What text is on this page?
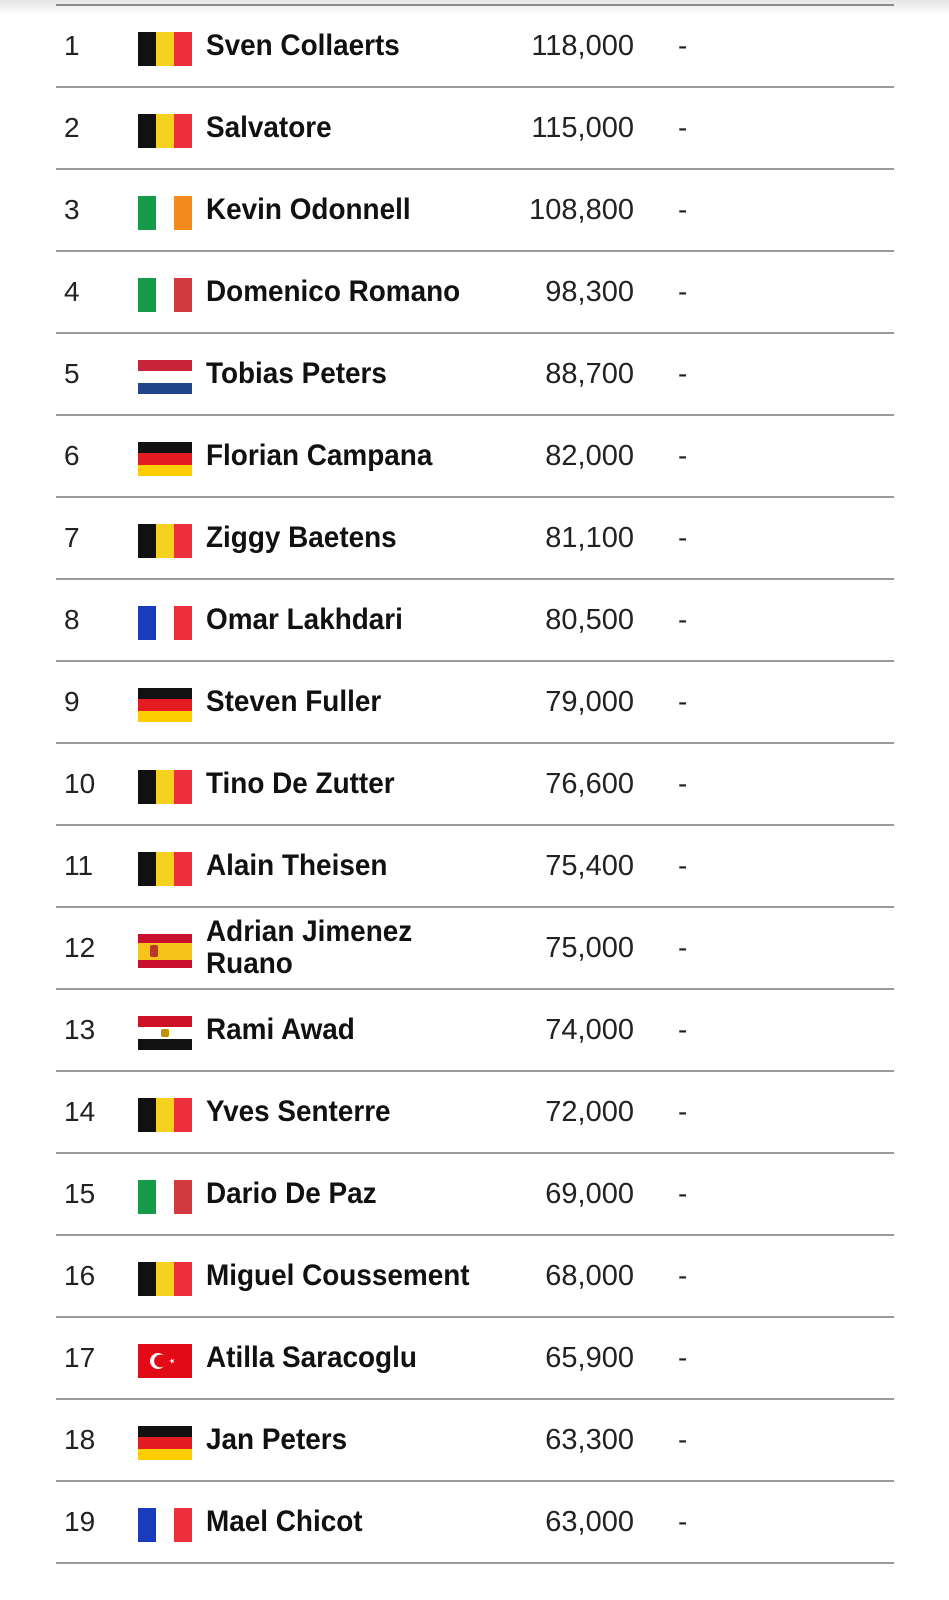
1	Sven Collaerts	118,000 -
2	Salvatore	115,000 -
3	Kevin Odonnell	108,800 -
4	Domenico Romano	98,300 -
5	Tobias Peters	88,700 -
6	Florian Campana	82,000 -
7	Ziggy Baetens	81,100 -
8	Omar Lakhdari	80,500 -
9	Steven Fuller	79,000 -
10	Tino De Zutter	76,600 -
11	Alain Theisen	75,400 -
12	Adrian Jimenez Ruano	75,000 -
13	Rami Awad	74,000 -
14	Yves Senterre	72,000 -
15	Dario De Paz	69,000 -
16	Miguel Coussement	68,000 -
17	Atilla Saracoglu	65,900 -
18	Jan Peters	63,300 -
19	Mael Chicot	63,000 -
